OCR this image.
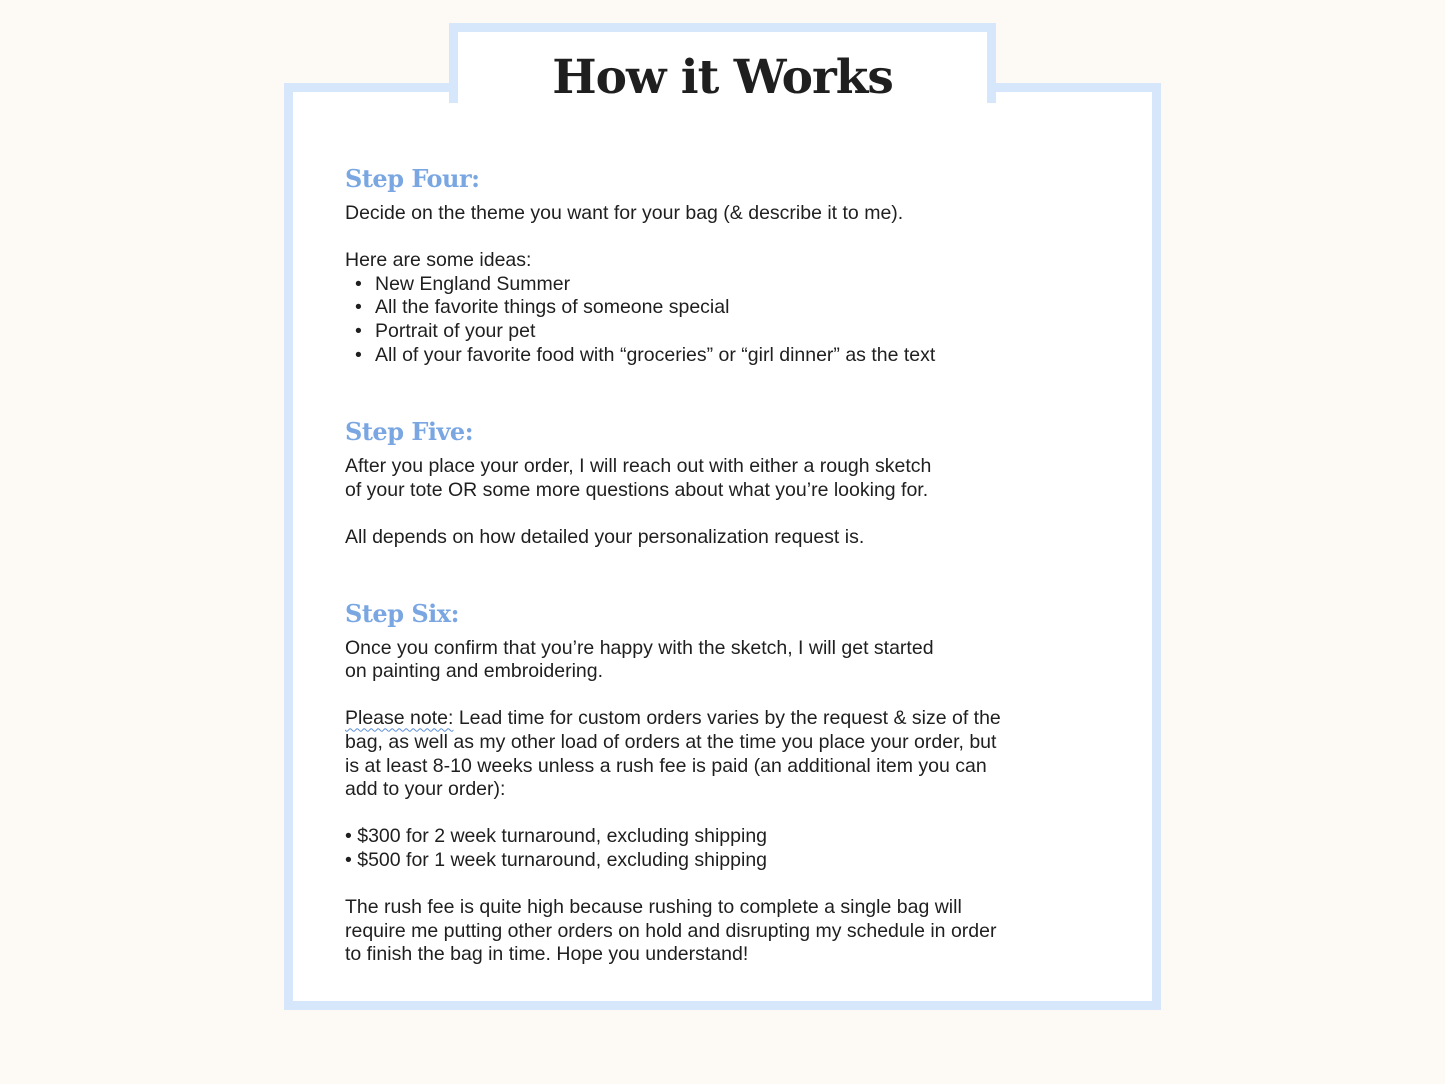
How it Works
Step Four:

Decide on the theme you want for your bag (& describe it to me).

Here are some ideas:

• New England Summer
• All the favorite things of someone special
• Portrait of your pet
• All of your favorite food with “groceries” or “girl dinner” as the text
Step Five:

After you place your order, I will reach out with either a rough sketch
of your tote OR some more questions about what you’re looking for.

All depends on how detailed your personalization request is.

Step Six:

Once you confirm that you’re happy with the sketch, I will get started
on painting and embroidering.

Please note: Lead time for custom orders varies by the request & size of the
bag, as well as my other load of orders at the time you place your order, but
is at least 8-10 weeks unless a rush fee is paid (an additional item you can
add to your order):

• $300 for 2 week turnaround, excluding shipping
• $500 for 1 week turnaround, excluding shipping

The rush fee is quite high because rushing to complete a single bag will
require me putting other orders on hold and disrupting my schedule in order
to finish the bag in time. Hope you understand!
